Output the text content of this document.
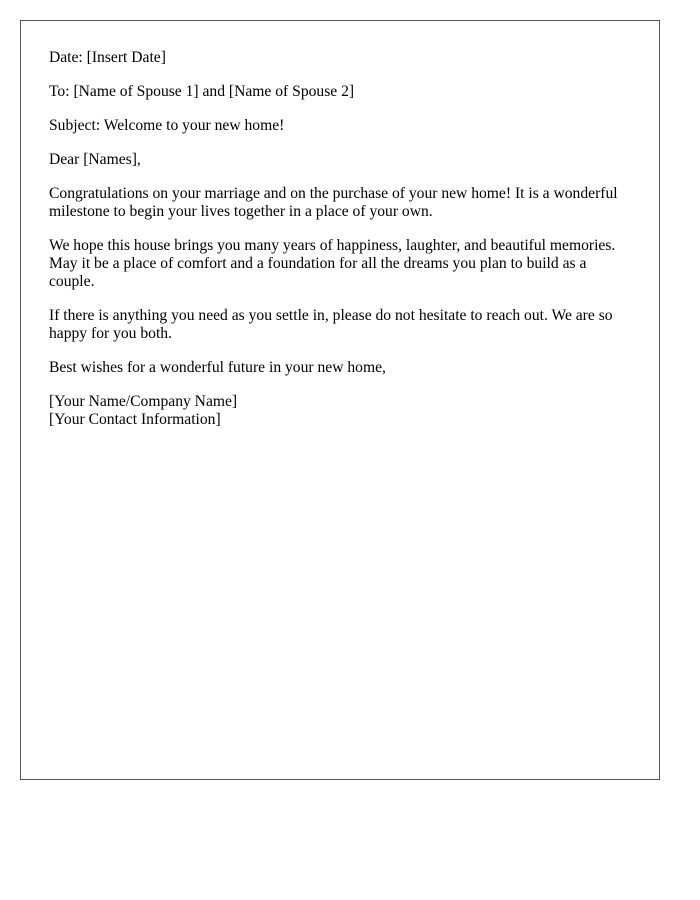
Date: [Insert Date]

To: [Name of Spouse 1] and [Name of Spouse 2]

Subject: Welcome to your new home!

Dear [Names],

Congratulations on your marriage and on the purchase of your new home! It is a wonderful milestone to begin your lives together in a place of your own.

We hope this house brings you many years of happiness, laughter, and beautiful memories. May it be a place of comfort and a foundation for all the dreams you plan to build as a couple.

If there is anything you need as you settle in, please do not hesitate to reach out. We are so happy for you both.

Best wishes for a wonderful future in your new home,

[Your Name/Company Name]
[Your Contact Information]
